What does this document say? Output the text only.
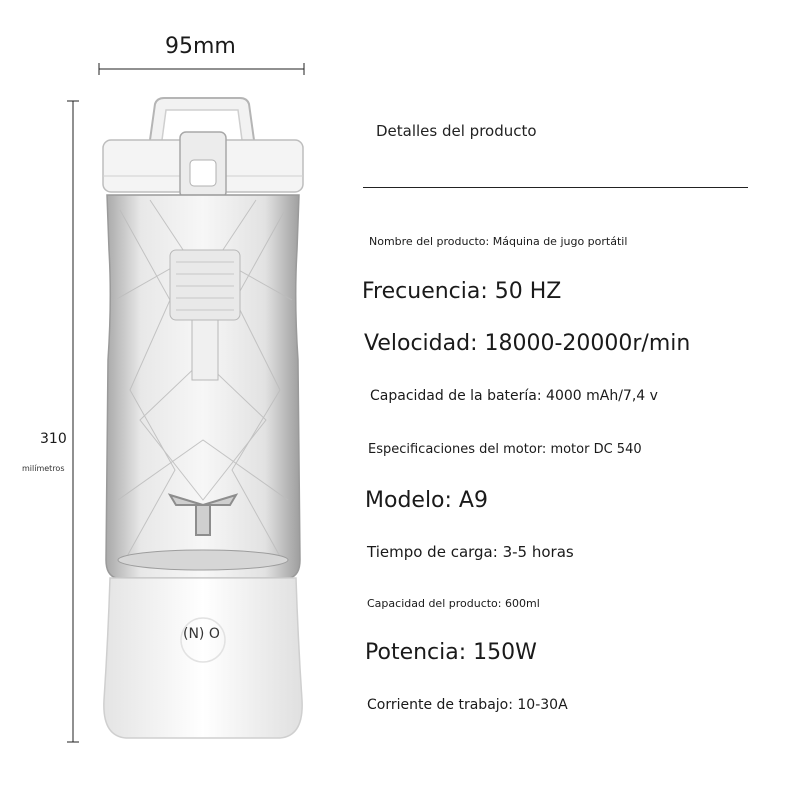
95mm
310
milímetros
(N) O
Detalles del producto
Nombre del producto: Máquina de jugo portátil
Frecuencia: 50 HZ
Velocidad: 18000-20000r/min
Capacidad de la batería: 4000 mAh/7,4 v
Especificaciones del motor: motor DC 540
Modelo: A9
Tiempo de carga: 3-5 horas
Capacidad del producto: 600ml
Potencia: 150W
Corriente de trabajo: 10-30A
